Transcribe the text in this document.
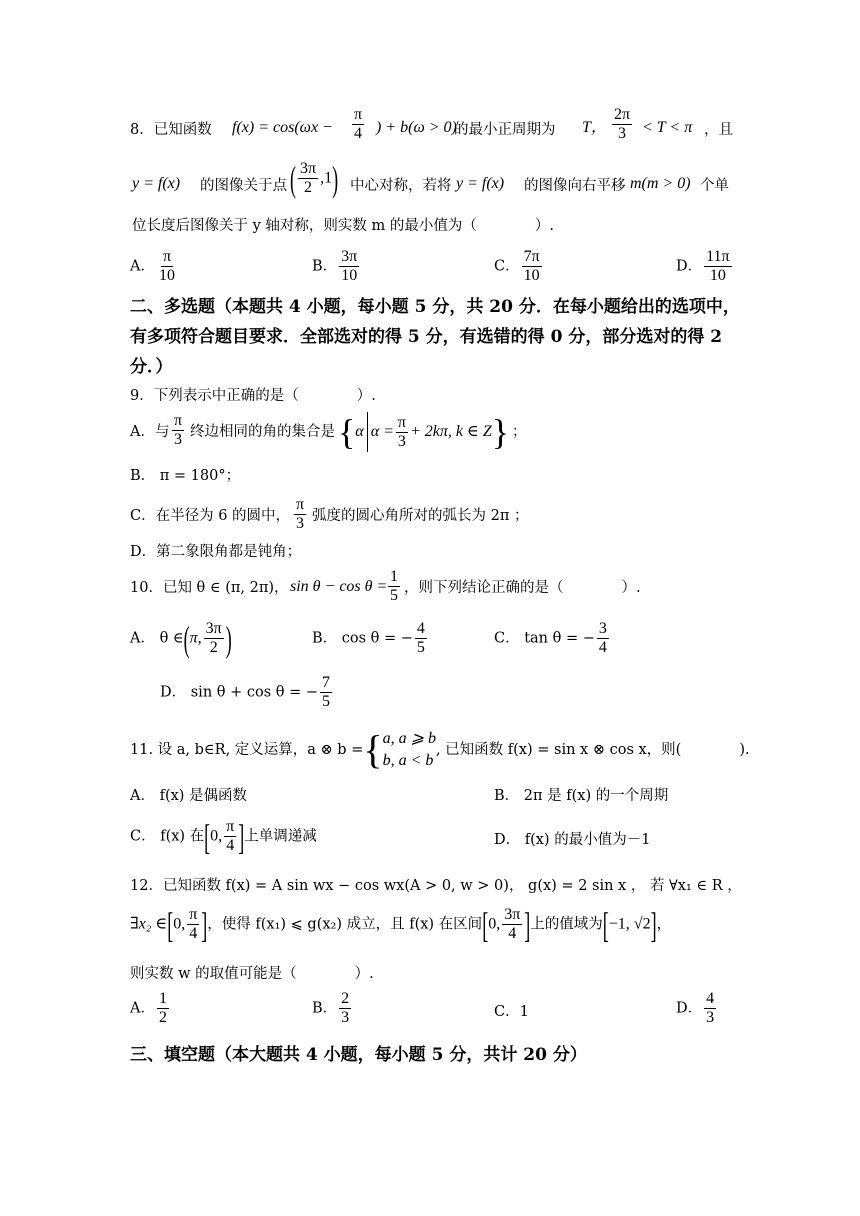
8．已知函数 $f(x) = \cos(\omega x - \frac{\pi}{4}$ ) + b(ω > 0)
的最小正周期为 T， $\frac{2\pi}{3} < T < \pi$ ，且
y = f(x) 的图像关于点 ( $\frac{3\pi}{2} ,1$) 中心对称，若将 y = f(x) 的图像向右平移 m(m > 0) 个单
位长度后图像关于 y 轴对称，则实数 m 的最小值为（　　　　）.
A． $\frac{\pi}{10}$	B． $\frac{3\pi}{10}$	C． $\frac{7\pi}{10}$	D． $\frac{11\pi}{10}$
二、多选题（本题共 4 小题，每小题 5 分，共 20 分．在每小题给出的选项中，
有多项符合题目要求．全部选对的得 5 分，有选错的得 0 分，部分选对的得 2
分．）
9．下列表示中正确的是（　　　　）.
A．与 $\frac{\pi}{3}$ 终边相同的角的集合是 {α $\alpha = \frac{\pi}{3} + 2k\pi$, k ∈ Z} ；
B． π = 180°；
C．在半径为 6 的圆中， $\frac{\pi}{3}$ 弧度的圆心角所对的弧长为 2π ；
D．第二象限角都是钝角；
10．已知 θ ∈ (π, 2π)， $\sin \theta - \cos \theta = \frac{1}{5}$ ，则下列结论正确的是（　　　　）.
A． θ ∈(π, $\frac{3\pi}{2}$ )	B． cos θ = − $\frac{4}{5}$	C． tan θ = − $\frac{3}{4}$
D． sin θ + cos θ = − $\frac{7}{5}$
11. 设 a, b∈R, 定义运算，a ⊗ b ={ a, a ⩾ b
b, a < b
, 已知函数 f(x) = sin x ⊗ cos x，则(　　　　).
A． f(x) 是偶函数	B． 2π 是 f(x) 的一个周期
C． f(x) 在[0, $\frac{\pi}{4}$ ]上单调递减	D． f(x) 的最小值为－1
12．已知函数 f(x) = A sin wx − cos wx(A > 0, w > 0)， g(x) = 2 sin x ， 若 ∀x₁ ∈ R ，
∃x₂ ∈[0, $\frac{\pi}{4}$ ]，使得 f(x₁) ⩽ g(x₂) 成立，且 f(x) 在区间[0, $\frac{3\pi}{4}$ ]上的值域为[−1, √2]，
则实数 w 的取值可能是（　　　　）.
A． $\frac{1}{2}$	B． $\frac{2}{3}$	C．1	D． $\frac{4}{3}$
三、填空题（本大题共 4 小题，每小题 5 分，共计 20 分）
